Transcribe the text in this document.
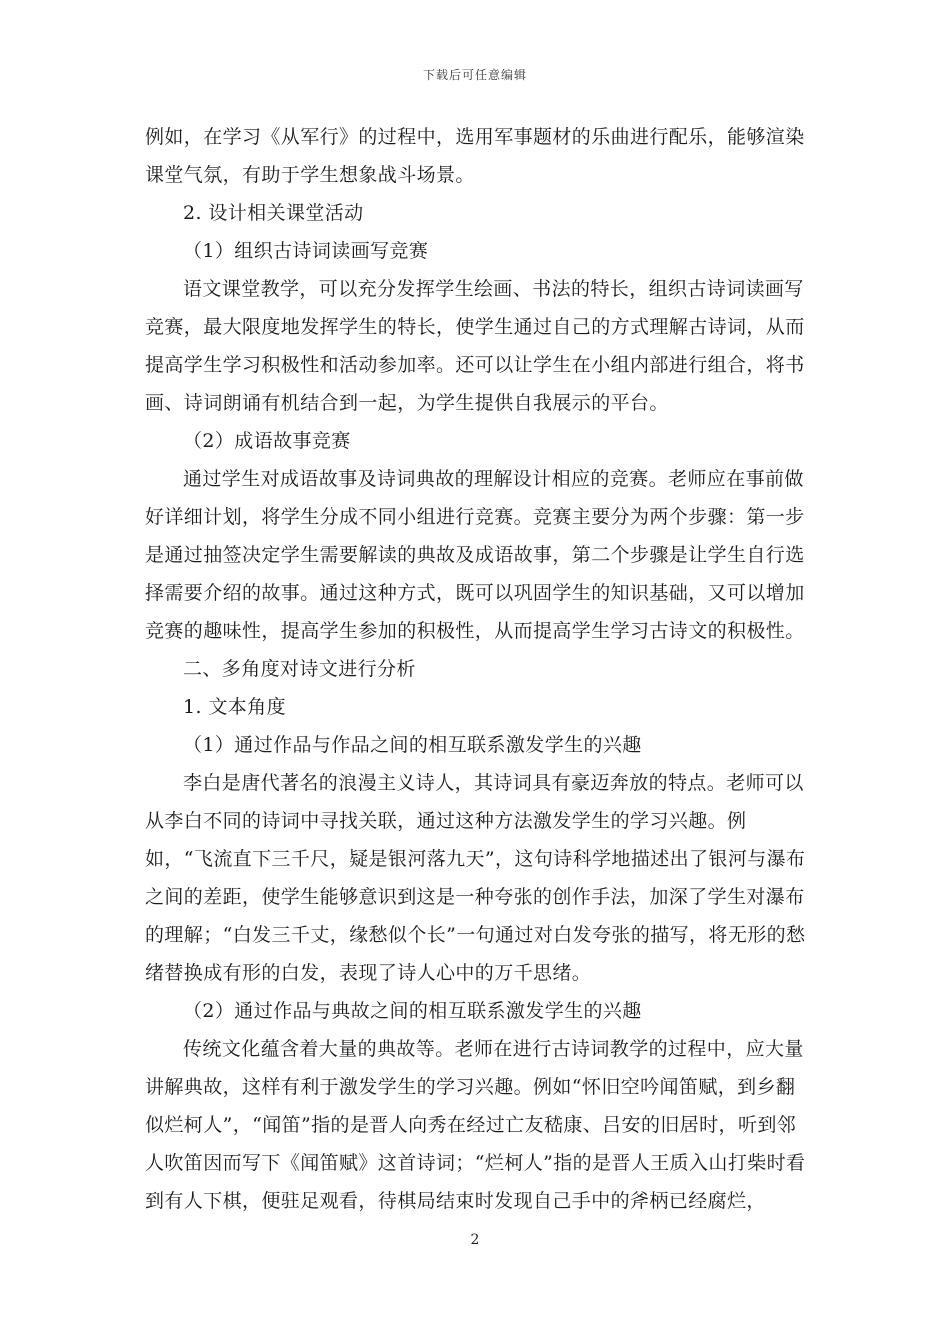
下载后可任意编辑

例如，在学习《从军行》的过程中，选用军事题材的乐曲进行配乐，能够渲染课堂气氛，有助于学生想象战斗场景。

2. 设计相关课堂活动

（1）组织古诗词读画写竞赛

语文课堂教学，可以充分发挥学生绘画、书法的特长，组织古诗词读画写竞赛，最大限度地发挥学生的特长，使学生通过自己的方式理解古诗词，从而提高学生学习积极性和活动参加率。还可以让学生在小组内部进行组合，将书画、诗词朗诵有机结合到一起，为学生提供自我展示的平台。

（2）成语故事竞赛

通过学生对成语故事及诗词典故的理解设计相应的竞赛。老师应在事前做好详细计划，将学生分成不同小组进行竞赛。竞赛主要分为两个步骤：第一步是通过抽签决定学生需要解读的典故及成语故事，第二个步骤是让学生自行选择需要介绍的故事。通过这种方式，既可以巩固学生的知识基础，又可以增加竞赛的趣味性，提高学生参加的积极性，从而提高学生学习古诗文的积极性。

二、多角度对诗文进行分析

1. 文本角度

（1）通过作品与作品之间的相互联系激发学生的兴趣

李白是唐代著名的浪漫主义诗人，其诗词具有豪迈奔放的特点。老师可以从李白不同的诗词中寻找关联，通过这种方法激发学生的学习兴趣。例如，“飞流直下三千尺，疑是银河落九天”，这句诗科学地描述出了银河与瀑布之间的差距，使学生能够意识到这是一种夸张的创作手法，加深了学生对瀑布的理解；“白发三千丈，缘愁似个长”一句通过对白发夸张的描写，将无形的愁绪替换成有形的白发，表现了诗人心中的万千思绪。

（2）通过作品与典故之间的相互联系激发学生的兴趣

传统文化蕴含着大量的典故等。老师在进行古诗词教学的过程中，应大量讲解典故，这样有利于激发学生的学习兴趣。例如“怀旧空吟闻笛赋，到乡翻似烂柯人”，“闻笛”指的是晋人向秀在经过亡友嵇康、吕安的旧居时，听到邻人吹笛因而写下《闻笛赋》这首诗词；“烂柯人”指的是晋人王质入山打柴时看到有人下棋，便驻足观看，待棋局结束时发现自己手中的斧柄已经腐烂，

2
